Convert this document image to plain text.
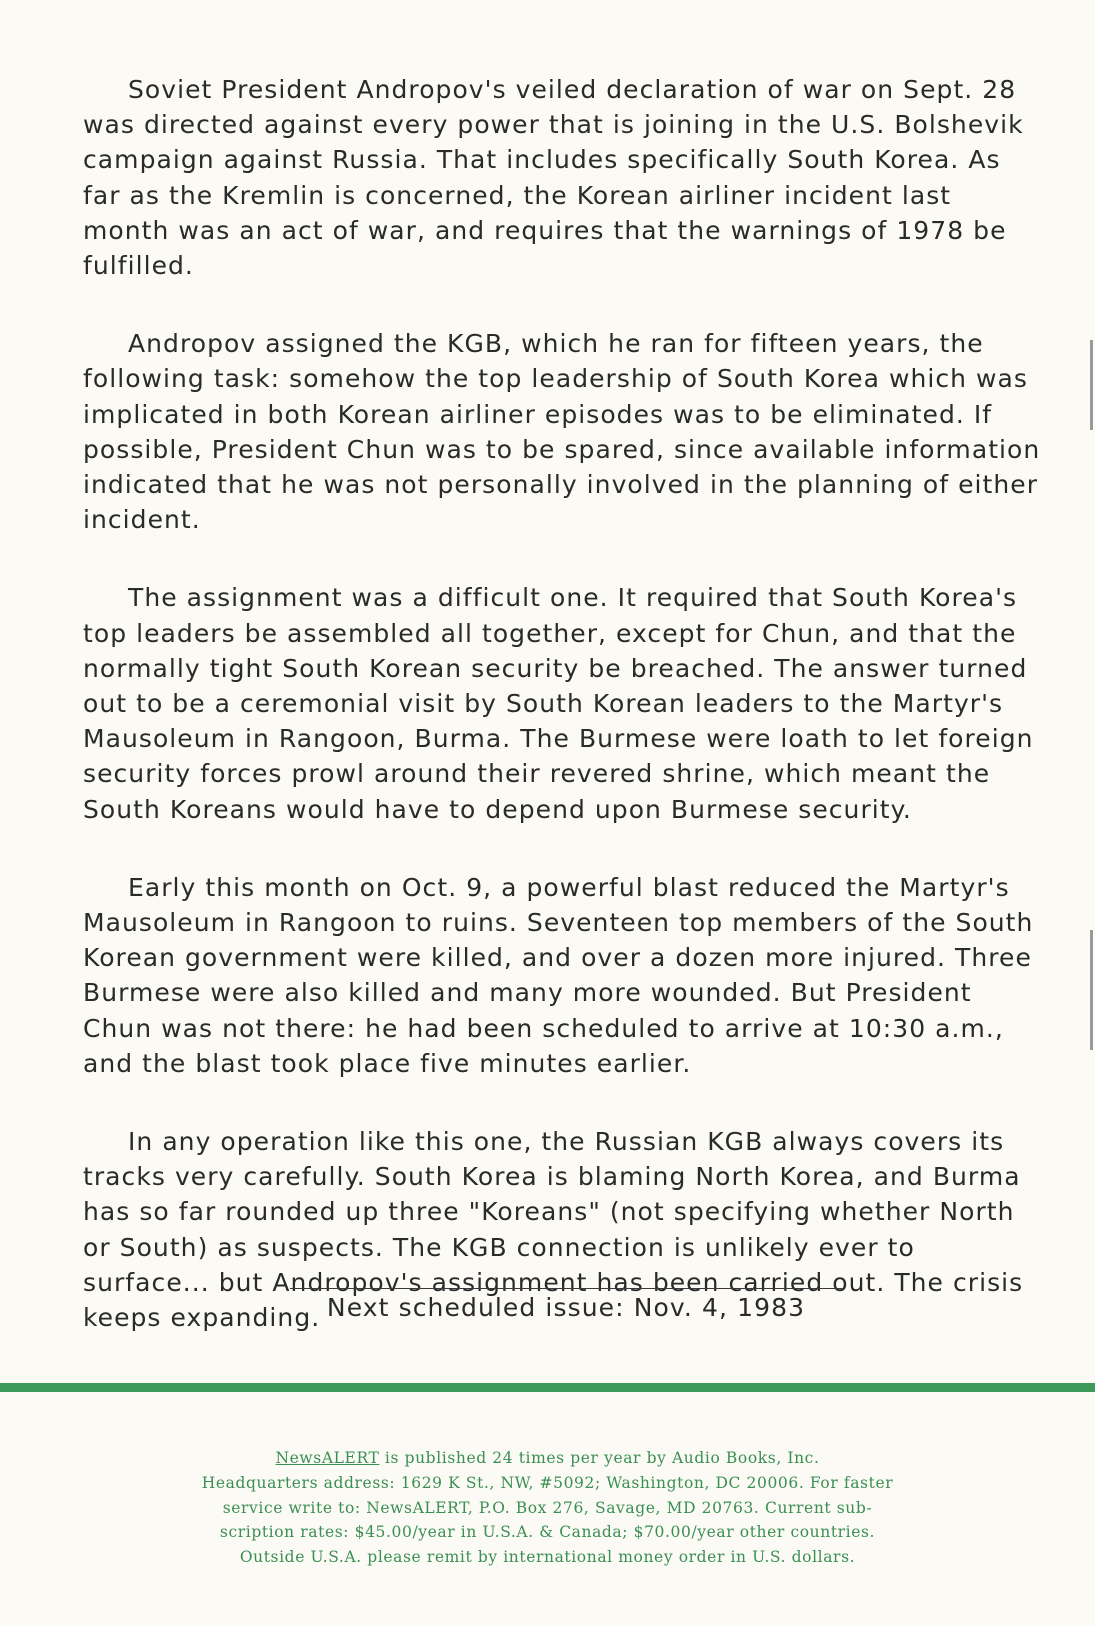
Soviet President Andropov's veiled declaration of war on Sept. 28 was directed against every power that is joining in the U.S. Bolshevik campaign against Russia. That includes specifically South Korea. As far as the Kremlin is concerned, the Korean airliner incident last month was an act of war, and requires that the warnings of 1978 be fulfilled.

Andropov assigned the KGB, which he ran for fifteen years, the following task: somehow the top leadership of South Korea which was implicated in both Korean airliner episodes was to be eliminated. If possible, President Chun was to be spared, since available information indicated that he was not personally involved in the planning of either incident.

The assignment was a difficult one. It required that South Korea's top leaders be assembled all together, except for Chun, and that the normally tight South Korean security be breached. The answer turned out to be a ceremonial visit by South Korean leaders to the Martyr's Mausoleum in Rangoon, Burma. The Burmese were loath to let foreign security forces prowl around their revered shrine, which meant the South Koreans would have to depend upon Burmese security.

Early this month on Oct. 9, a powerful blast reduced the Martyr's Mausoleum in Rangoon to ruins. Seventeen top members of the South Korean government were killed, and over a dozen more injured. Three Burmese were also killed and many more wounded. But President Chun was not there: he had been scheduled to arrive at 10:30 a.m., and the blast took place five minutes earlier.

In any operation like this one, the Russian KGB always covers its tracks very carefully. South Korea is blaming North Korea, and Burma has so far rounded up three "Koreans" (not specifying whether North or South) as suspects. The KGB connection is unlikely ever to surface... but Andropov's assignment has been carried out. The crisis keeps expanding. Next scheduled issue: Nov. 4, 1983
NewsALERT is published 24 times per year by Audio Books, Inc.
Headquarters address: 1629 K St., NW, #5092; Washington, DC 20006. For faster
service write to: NewsALERT, P.O. Box 276, Savage, MD 20763. Current sub-
scription rates: $45.00/year in U.S.A. & Canada; $70.00/year other countries.
Outside U.S.A. please remit by international money order in U.S. dollars.
